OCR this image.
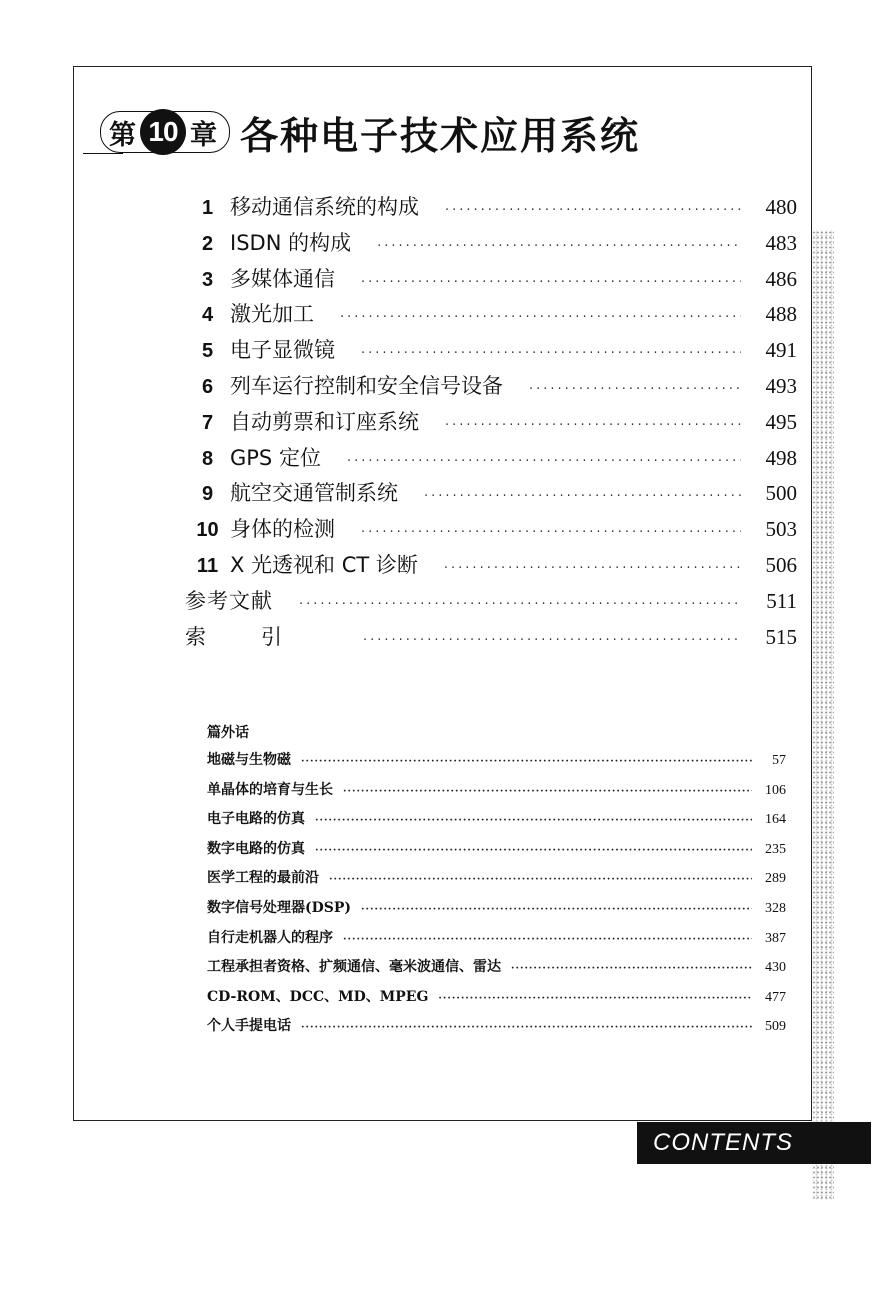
第 10 章 各种电子技术应用系统
1 移动通信系统的构成 ·····	480
2 ISDN 的构成 ·····	483
3 多媒体通信 ·····	486
4 激光加工 ·····	488
5 电子显微镜 ·····	491
6 列车运行控制和安全信号设备 ·····	493
7 自动剪票和订座系统 ·····	495
8 GPS 定位 ·····	498
9 航空交通管制系统 ·····	500
10 身体的检测 ·····	503
11 X 光透视和 CT 诊断 ·····	506
参考文献 ·····	511
索引 ·····	515
篇外话
地磁与生物磁 ·····	57
单晶体的培育与生长 ·····	106
电子电路的仿真 ·····	164
数字电路的仿真 ·····	235
医学工程的最前沿 ·····	289
数字信号处理器(DSP) ·····	328
自行走机器人的程序 ·····	387
工程承担者资格、扩频通信、毫米波通信、雷达 ·····	430
CD-ROM、DCC、MD、MPEG ·····	477
个人手提电话 ·····	509
CONTENTS
